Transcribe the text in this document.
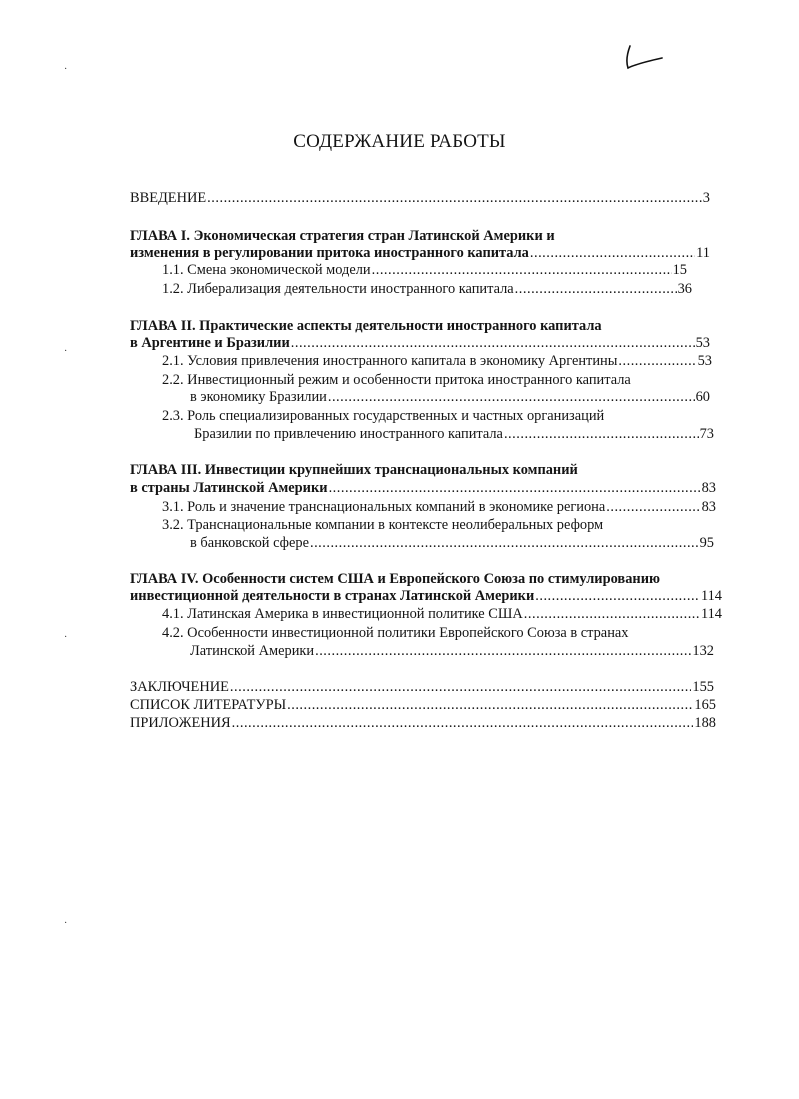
·
·
·
·
СОДЕРЖАНИЕ РАБОТЫ
ВВЕДЕНИЕ .....	3
ГЛАВА I. Экономическая стратегия стран Латинской Америки и
изменения в регулировании притока иностранного капитала .....	11
1.1. Смена экономической модели .....	15
1.2. Либерализация деятельности иностранного капитала .....	36
ГЛАВА II. Практические аспекты деятельности иностранного капитала
в Аргентине и Бразилии .....	53
2.1. Условия привлечения иностранного капитала в экономику Аргентины .....	53
2.2. Инвестиционный режим и особенности притока иностранного капитала
в экономику Бразилии .....	60
2.3. Роль специализированных государственных и частных организаций
Бразилии по привлечению иностранного капитала .....	73
ГЛАВА III. Инвестиции крупнейших транснациональных компаний
в страны Латинской Америки .....	83
3.1. Роль и значение транснациональных компаний в экономике региона .....	83
3.2. Транснациональные компании в контексте неолиберальных реформ
в банковской сфере .....	95
ГЛАВА IV. Особенности систем США и Европейского Союза по стимулированию
инвестиционной деятельности в странах Латинской Америки .....	114
4.1. Латинская Америка в инвестиционной политике США .....	114
4.2. Особенности инвестиционной политики Европейского Союза в странах
Латинской Америки .....	132
ЗАКЛЮЧЕНИЕ .....	155
СПИСОК ЛИТЕРАТУРЫ .....	165
ПРИЛОЖЕНИЯ .....	188
